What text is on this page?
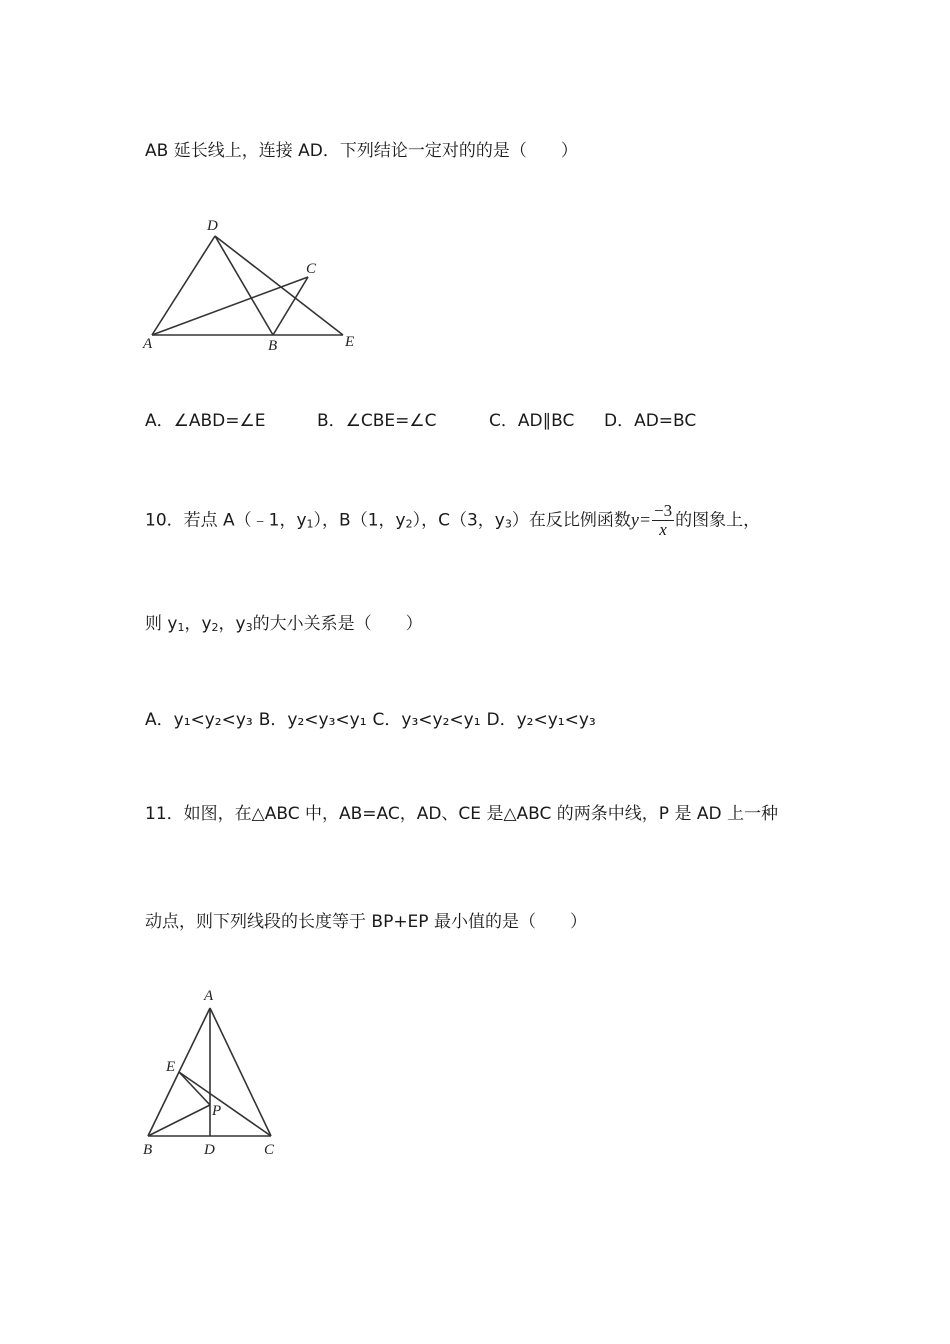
AB 延长线上，连接 AD．下列结论一定对的的是（　　）
D
C
A	B	E
A．∠ABD=∠E	B．∠CBE=∠C	C．AD∥BC D．AD=BC
10．若点 A（﹣1，$y_1$），B（1，$y_2$），C（3，$y_3$）在反比例函数$y= \frac{-3}{x}$ 的图象上，
则 $y_1$，$y_2$，$y_3$的大小关系是（　　）
A．y₁<y₂<y₃ B．y₂<y₃<y₁ C．y₃<y₂<y₁ D．y₂<y₁<y₃
11．如图，在△ABC 中，AB=AC，AD、CE 是△ABC 的两条中线，P 是 AD 上一种
动点，则下列线段的长度等于 BP+EP 最小值的是（　　）
A
E
P
B	D	C
